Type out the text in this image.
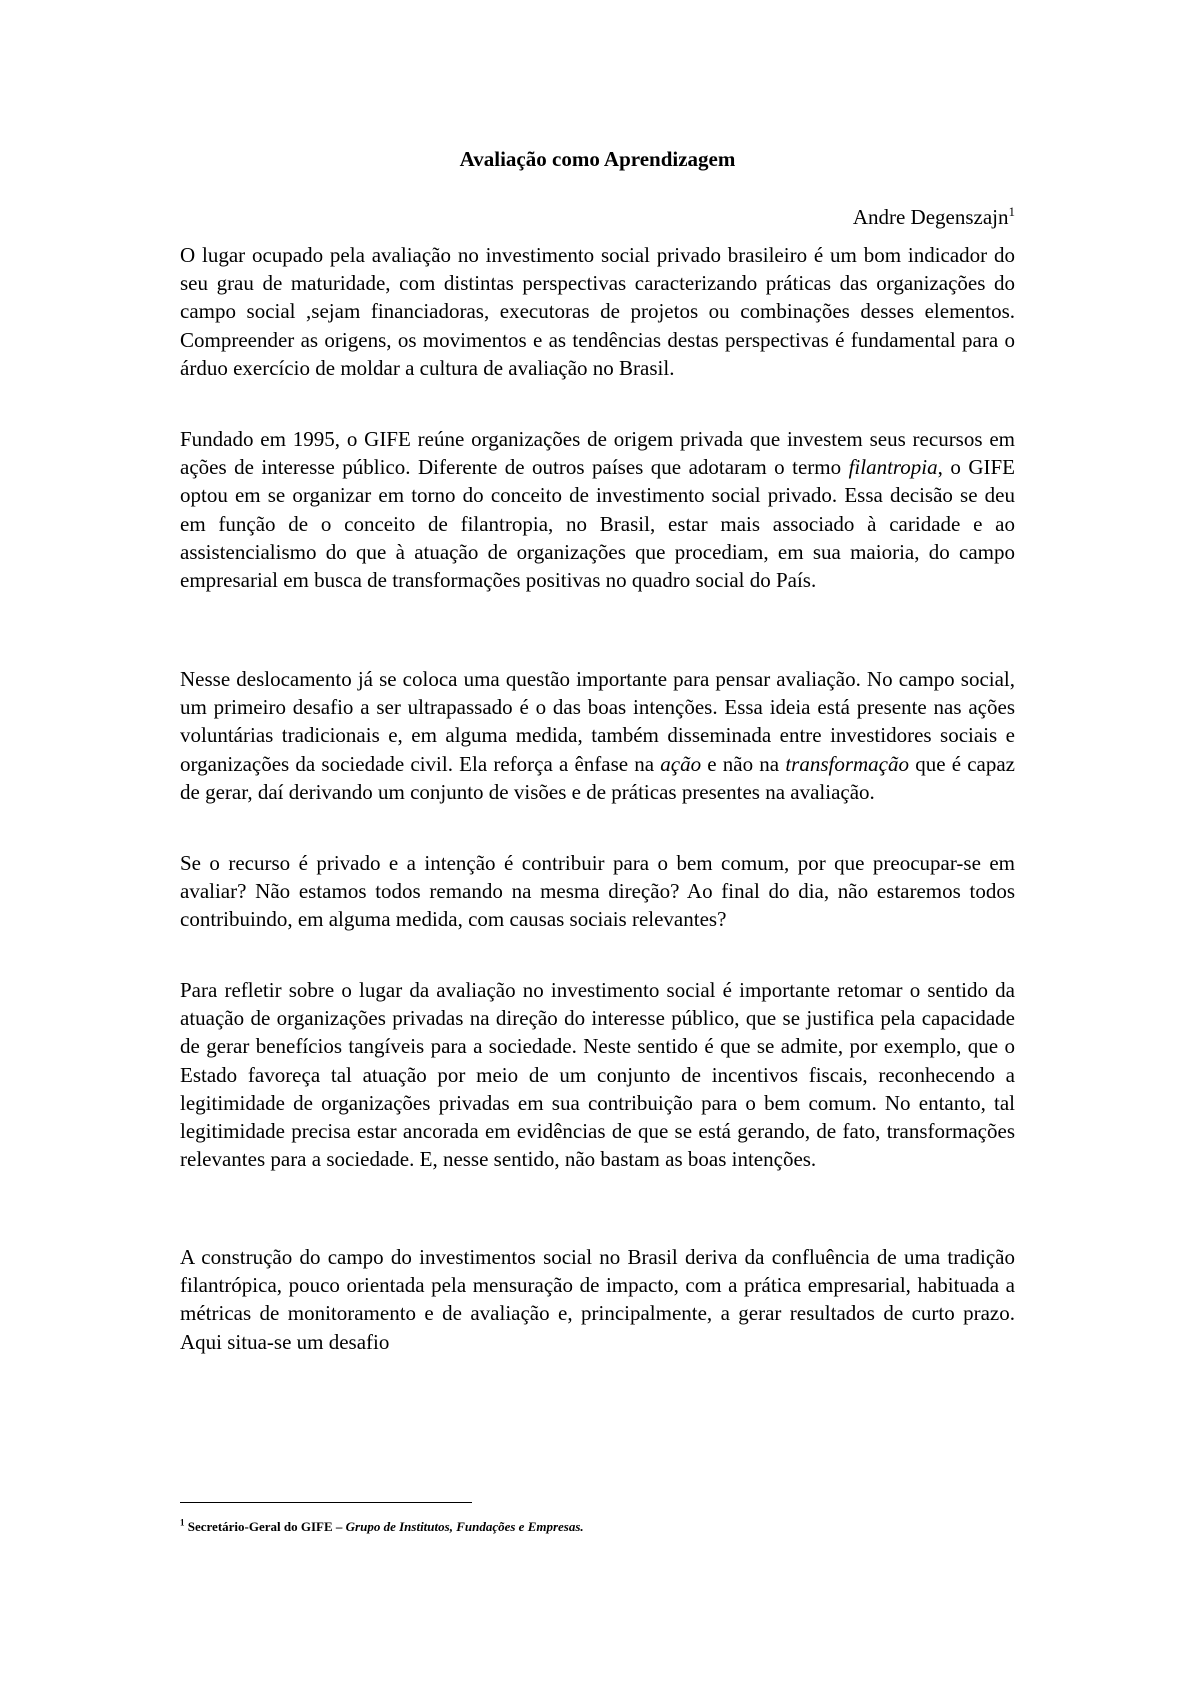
Avaliação como Aprendizagem
Andre Degenszajn$^1$

O lugar ocupado pela avaliação no investimento social privado brasileiro é um bom indicador do seu grau de maturidade, com distintas perspectivas caracterizando práticas das organizações do campo social ,sejam financiadoras, executoras de projetos ou combinações desses elementos. Compreender as origens, os movimentos e as tendências destas perspectivas é fundamental para o árduo exercício de moldar a cultura de avaliação no Brasil.

Fundado em 1995, o GIFE reúne organizações de origem privada que investem seus recursos em ações de interesse público. Diferente de outros países que adotaram o termo filantropia, o GIFE optou em se organizar em torno do conceito de investimento social privado. Essa decisão se deu em função de o conceito de filantropia, no Brasil, estar mais associado à caridade e ao assistencialismo do que à atuação de organizações que procediam, em sua maioria, do campo empresarial em busca de transformações positivas no quadro social do País.

Nesse deslocamento já se coloca uma questão importante para pensar avaliação. No campo social, um primeiro desafio a ser ultrapassado é o das boas intenções. Essa ideia está presente nas ações voluntárias tradicionais e, em alguma medida, também disseminada entre investidores sociais e organizações da sociedade civil. Ela reforça a ênfase na ação e não na transformação que é capaz de gerar, daí derivando um conjunto de visões e de práticas presentes na avaliação.

Se o recurso é privado e a intenção é contribuir para o bem comum, por que preocupar-se em avaliar? Não estamos todos remando na mesma direção? Ao final do dia, não estaremos todos contribuindo, em alguma medida, com causas sociais relevantes?

Para refletir sobre o lugar da avaliação no investimento social é importante retomar o sentido da atuação de organizações privadas na direção do interesse público, que se justifica pela capacidade de gerar benefícios tangíveis para a sociedade. Neste sentido é que se admite, por exemplo, que o Estado favoreça tal atuação por meio de um conjunto de incentivos fiscais, reconhecendo a legitimidade de organizações privadas em sua contribuição para o bem comum. No entanto, tal legitimidade precisa estar ancorada em evidências de que se está gerando, de fato, transformações relevantes para a sociedade. E, nesse sentido, não bastam as boas intenções.

A construção do campo do investimentos social no Brasil deriva da confluência de uma tradição filantrópica, pouco orientada pela mensuração de impacto, com a prática empresarial, habituada a métricas de monitoramento e de avaliação e, principalmente, a gerar resultados de curto prazo. Aqui situa-se um desafio

$^1$ Secretário-Geral do GIFE – Grupo de Institutos, Fundações e Empresas.
